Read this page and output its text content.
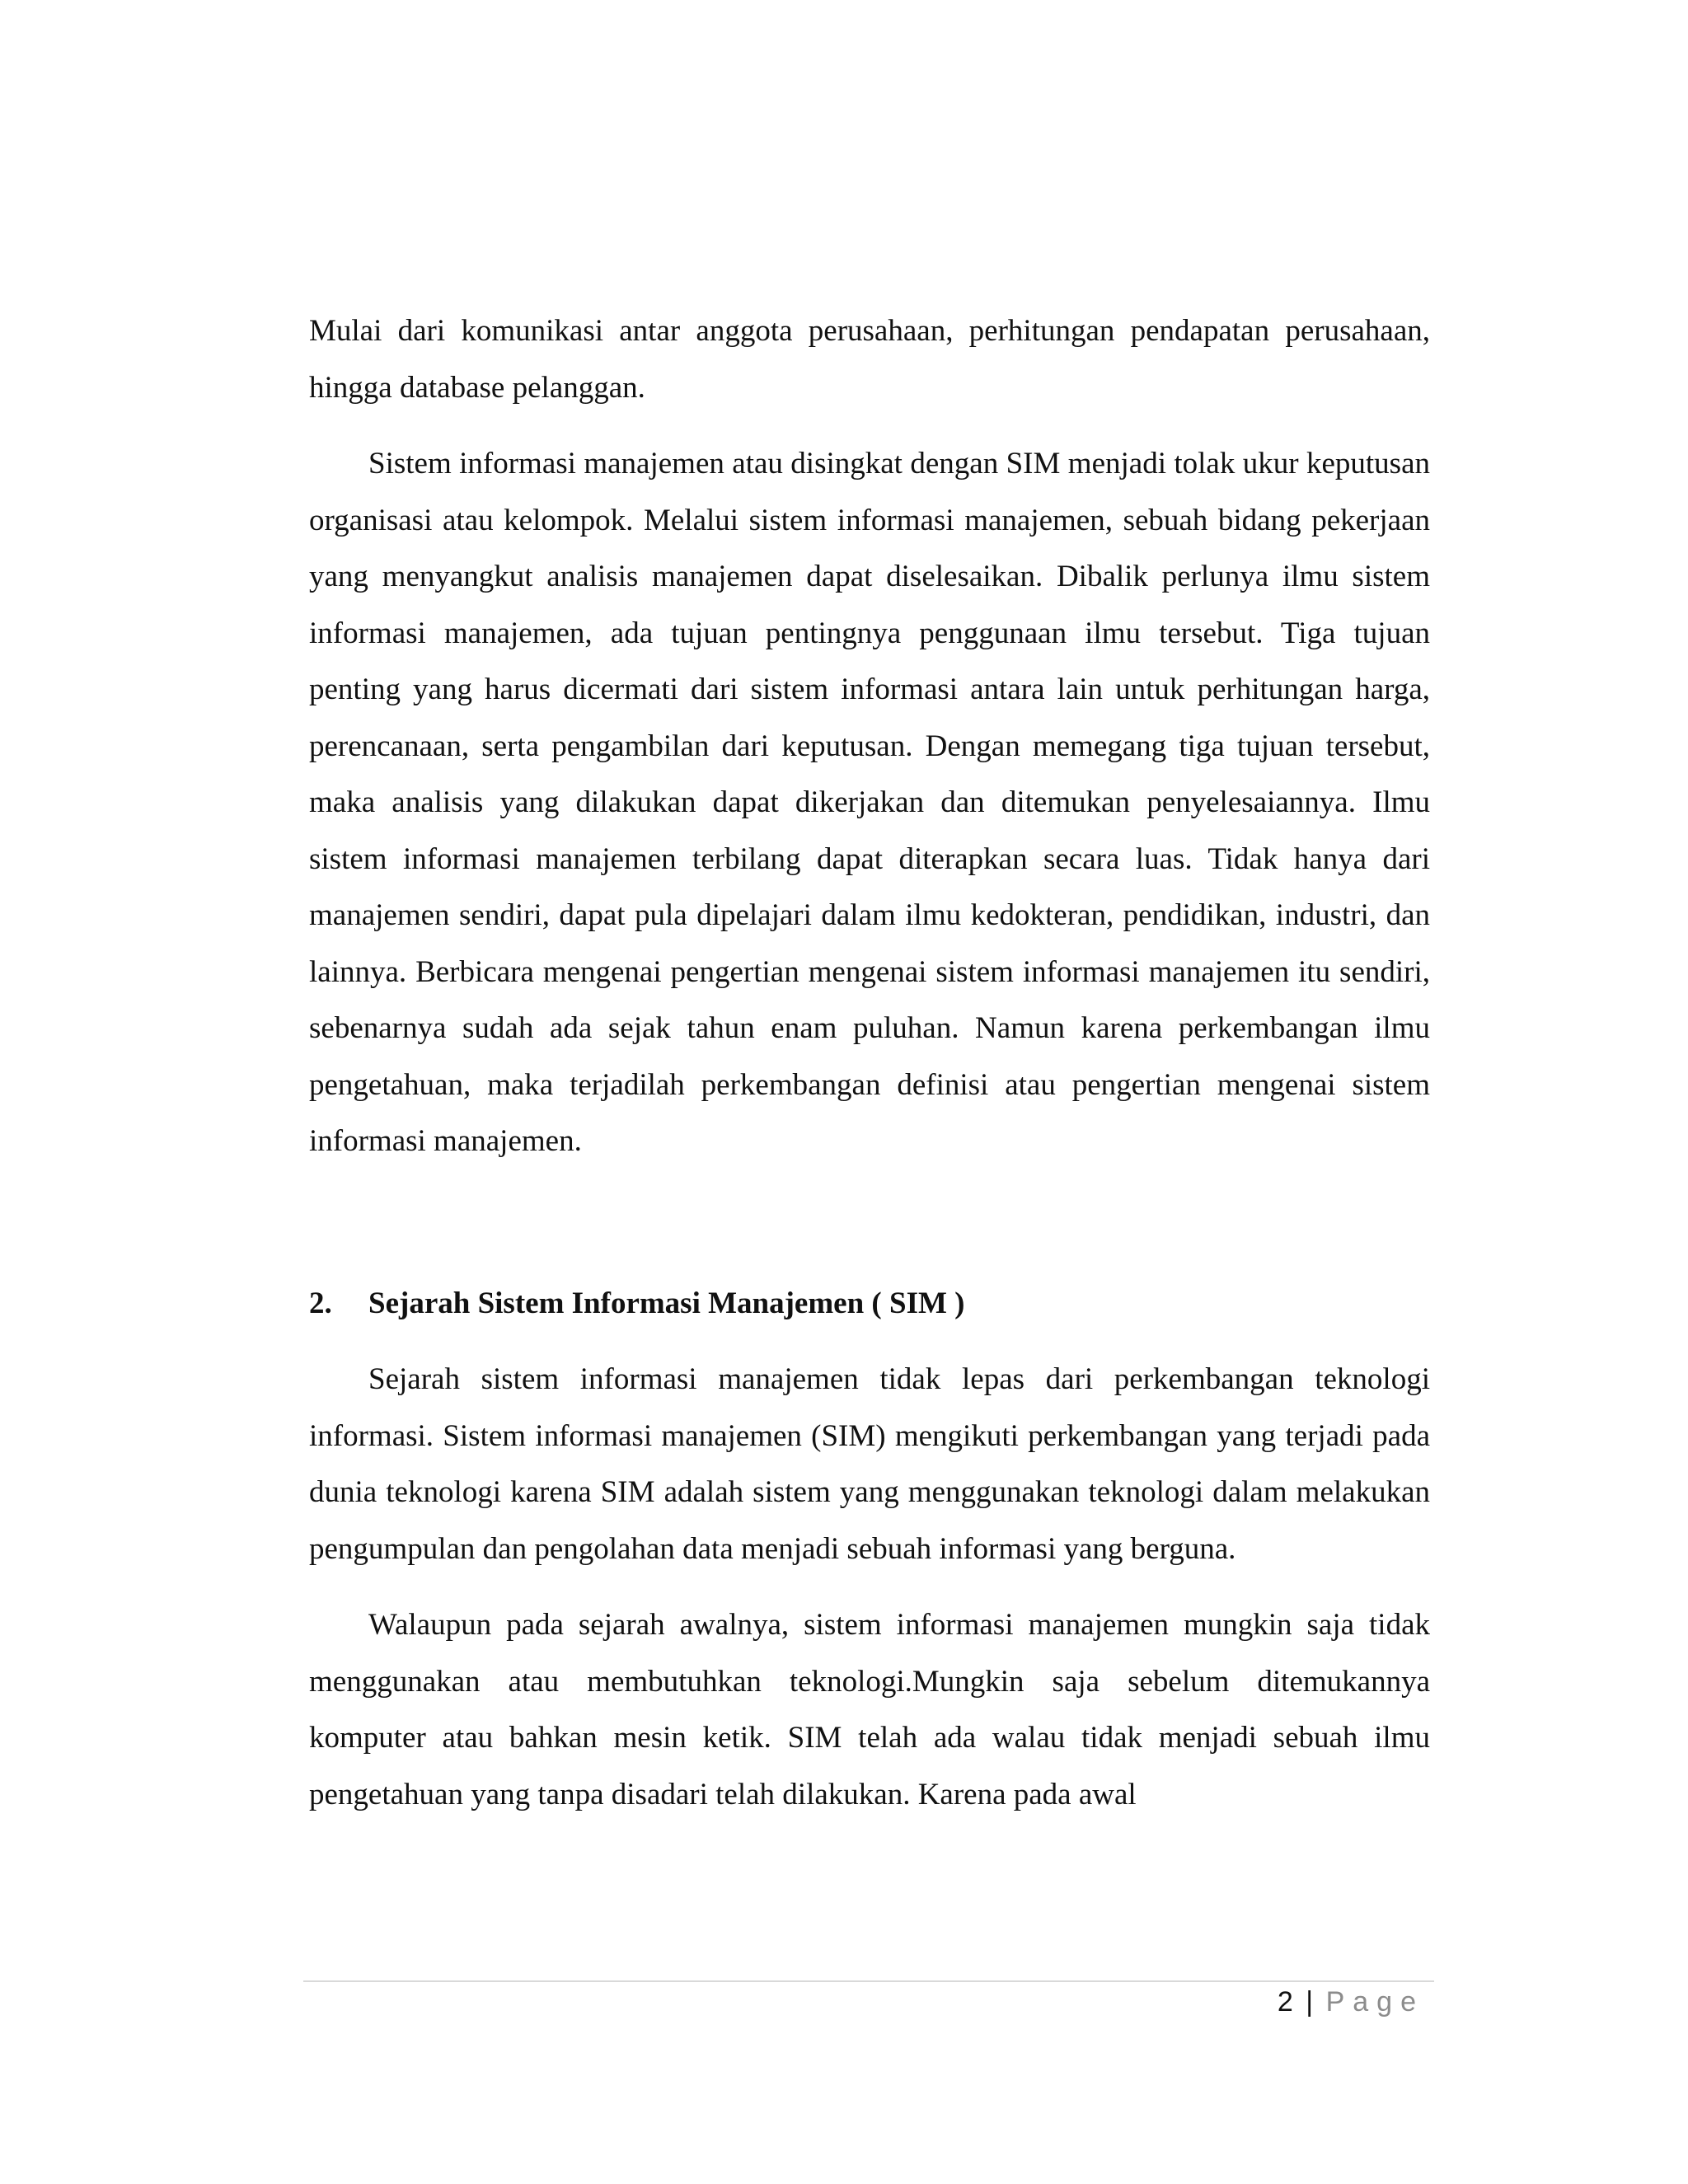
Mulai dari komunikasi antar anggota perusahaan, perhitungan pendapatan perusahaan, hingga database pelanggan.

Sistem informasi manajemen atau disingkat dengan SIM menjadi tolak ukur keputusan organisasi atau kelompok. Melalui sistem informasi manajemen, sebuah bidang pekerjaan yang menyangkut analisis manajemen dapat diselesaikan. Dibalik perlunya ilmu sistem informasi manajemen, ada tujuan pentingnya penggunaan ilmu tersebut. Tiga tujuan penting yang harus dicermati dari sistem informasi antara lain untuk perhitungan harga, perencanaan, serta pengambilan dari keputusan. Dengan memegang tiga tujuan tersebut, maka analisis yang dilakukan dapat dikerjakan dan ditemukan penyelesaiannya. Ilmu sistem informasi manajemen terbilang dapat diterapkan secara luas. Tidak hanya dari manajemen sendiri, dapat pula dipelajari dalam ilmu kedokteran, pendidikan, industri, dan lainnya. Berbicara mengenai pengertian mengenai sistem informasi manajemen itu sendiri, sebenarnya sudah ada sejak tahun enam puluhan. Namun karena perkembangan ilmu pengetahuan, maka terjadilah perkembangan definisi atau pengertian mengenai sistem informasi manajemen.

2.	Sejarah Sistem Informasi Manajemen ( SIM )

Sejarah sistem informasi manajemen tidak lepas dari perkembangan teknologi informasi. Sistem informasi manajemen (SIM) mengikuti perkembangan yang terjadi pada dunia teknologi karena SIM adalah sistem yang menggunakan teknologi dalam melakukan pengumpulan dan pengolahan data menjadi sebuah informasi yang berguna.

Walaupun pada sejarah awalnya, sistem informasi manajemen mungkin saja tidak menggunakan atau membutuhkan teknologi.Mungkin saja sebelum ditemukannya komputer atau bahkan mesin ketik. SIM telah ada walau tidak menjadi sebuah ilmu pengetahuan yang tanpa disadari telah dilakukan. Karena pada awal

2 | Page
